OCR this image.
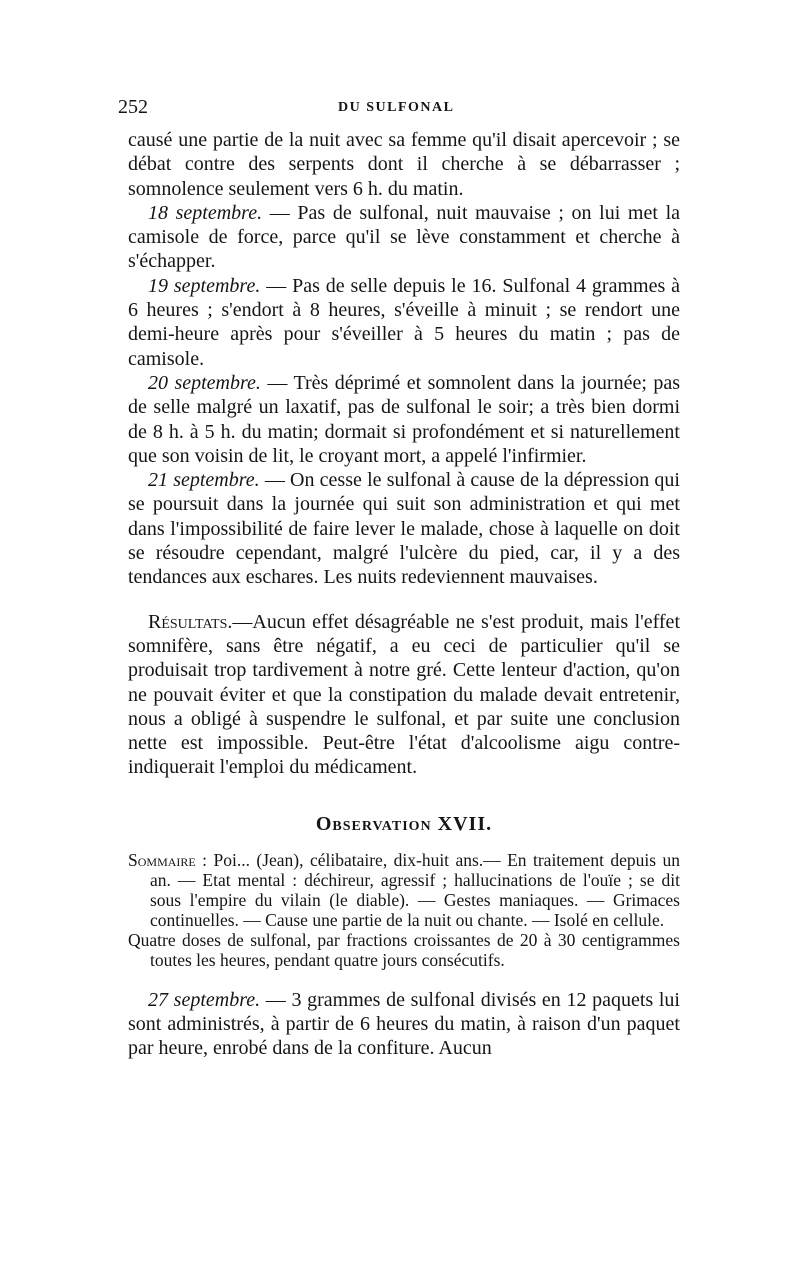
252	DU SULFONAL

causé une partie de la nuit avec sa femme qu'il disait apercevoir ; se débat contre des serpents dont il cherche à se débarrasser ; somnolence seulement vers 6 h. du matin.

18 septembre. — Pas de sulfonal, nuit mauvaise ; on lui met la camisole de force, parce qu'il se lève constamment et cherche à s'échapper.

19 septembre. — Pas de selle depuis le 16. Sulfonal 4 grammes à 6 heures ; s'endort à 8 heures, s'éveille à minuit ; se rendort une demi-heure après pour s'éveiller à 5 heures du matin ; pas de camisole.

20 septembre. — Très déprimé et somnolent dans la journée; pas de selle malgré un laxatif, pas de sulfonal le soir; a très bien dormi de 8 h. à 5 h. du matin; dormait si profondément et si naturellement que son voisin de lit, le croyant mort, a appelé l'infirmier.

21 septembre. — On cesse le sulfonal à cause de la dépression qui se poursuit dans la journée qui suit son administration et qui met dans l'impossibilité de faire lever le malade, chose à laquelle on doit se résoudre cependant, malgré l'ulcère du pied, car, il y a des tendances aux eschares. Les nuits redeviennent mauvaises.

Résultats.—Aucun effet désagréable ne s'est produit, mais l'effet somnifère, sans être négatif, a eu ceci de particulier qu'il se produisait trop tardivement à notre gré. Cette lenteur d'action, qu'on ne pouvait éviter et que la constipation du malade devait entretenir, nous a obligé à suspendre le sulfonal, et par suite une conclusion nette est impossible. Peut-être l'état d'alcoolisme aigu contre-indiquerait l'emploi du médicament.

Observation XVII.

Sommaire : Poi... (Jean), célibataire, dix-huit ans.— En traitement depuis un an. — Etat mental : déchireur, agressif ; hallucinations de l'ouïe ; se dit sous l'empire du vilain (le diable). — Gestes maniaques. — Grimaces continuelles. — Cause une partie de la nuit ou chante. — Isolé en cellule.

Quatre doses de sulfonal, par fractions croissantes de 20 à 30 centigrammes toutes les heures, pendant quatre jours consécutifs.

27 septembre. — 3 grammes de sulfonal divisés en 12 paquets lui sont administrés, à partir de 6 heures du matin, à raison d'un paquet par heure, enrobé dans de la confiture. Aucun
